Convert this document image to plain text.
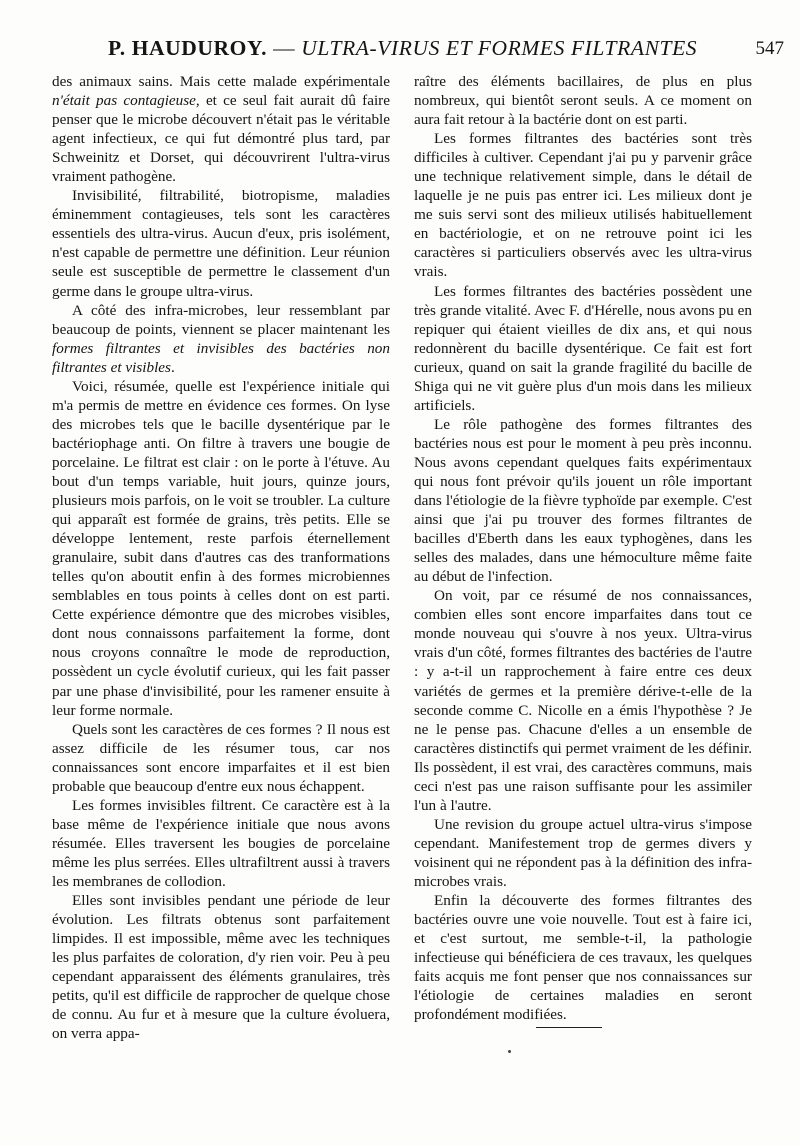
P. HAUDUROY. — ULTRA-VIRUS ET FORMES FILTRANTES	547

des animaux sains. Mais cette malade expérimentale n'était pas contagieuse, et ce seul fait aurait dû faire penser que le microbe découvert n'était pas le véritable agent infectieux, ce qui fut démontré plus tard, par Schweinitz et Dorset, qui découvrirent l'ultra-virus vraiment pathogène.

Invisibilité, filtrabilité, biotropisme, maladies éminemment contagieuses, tels sont les caractères essentiels des ultra-virus. Aucun d'eux, pris isolément, n'est capable de permettre une définition. Leur réunion seule est susceptible de permettre le classement d'un germe dans le groupe ultra-virus.

A côté des infra-microbes, leur ressemblant par beaucoup de points, viennent se placer maintenant les formes filtrantes et invisibles des bactéries non filtrantes et visibles.

Voici, résumée, quelle est l'expérience initiale qui m'a permis de mettre en évidence ces formes. On lyse des microbes tels que le bacille dysentérique par le bactériophage anti. On filtre à travers une bougie de porcelaine. Le filtrat est clair : on le porte à l'étuve. Au bout d'un temps variable, huit jours, quinze jours, plusieurs mois parfois, on le voit se troubler. La culture qui apparaît est formée de grains, très petits. Elle se développe lentement, reste parfois éternellement granulaire, subit dans d'autres cas des tranformations telles qu'on aboutit enfin à des formes microbiennes semblables en tous points à celles dont on est parti. Cette expérience démontre que des microbes visibles, dont nous connaissons parfaitement la forme, dont nous croyons connaître le mode de reproduction, possèdent un cycle évolutif curieux, qui les fait passer par une phase d'invisibilité, pour les ramener ensuite à leur forme normale.

Quels sont les caractères de ces formes ? Il nous est assez difficile de les résumer tous, car nos connaissances sont encore imparfaites et il est bien probable que beaucoup d'entre eux nous échappent.

Les formes invisibles filtrent. Ce caractère est à la base même de l'expérience initiale que nous avons résumée. Elles traversent les bougies de porcelaine même les plus serrées. Elles ultrafiltrent aussi à travers les membranes de collodion.

Elles sont invisibles pendant une période de leur évolution. Les filtrats obtenus sont parfaitement limpides. Il est impossible, même avec les techniques les plus parfaites de coloration, d'y rien voir. Peu à peu cependant apparaissent des éléments granulaires, très petits, qu'il est difficile de rapprocher de quelque chose de connu. Au fur et à mesure que la culture évoluera, on verra appa-

raître des éléments bacillaires, de plus en plus nombreux, qui bientôt seront seuls. A ce moment on aura fait retour à la bactérie dont on est parti.

Les formes filtrantes des bactéries sont très difficiles à cultiver. Cependant j'ai pu y parvenir grâce une technique relativement simple, dans le détail de laquelle je ne puis pas entrer ici. Les milieux dont je me suis servi sont des milieux utilisés habituellement en bactériologie, et on ne retrouve point ici les caractères si particuliers observés avec les ultra-virus vrais.

Les formes filtrantes des bactéries possèdent une très grande vitalité. Avec F. d'Hérelle, nous avons pu en repiquer qui étaient vieilles de dix ans, et qui nous redonnèrent du bacille dysentérique. Ce fait est fort curieux, quand on sait la grande fragilité du bacille de Shiga qui ne vit guère plus d'un mois dans les milieux artificiels.

Le rôle pathogène des formes filtrantes des bactéries nous est pour le moment à peu près inconnu. Nous avons cependant quelques faits expérimentaux qui nous font prévoir qu'ils jouent un rôle important dans l'étiologie de la fièvre typhoïde par exemple. C'est ainsi que j'ai pu trouver des formes filtrantes de bacilles d'Eberth dans les eaux typhogènes, dans les selles des malades, dans une hémoculture même faite au début de l'infection.

On voit, par ce résumé de nos connaissances, combien elles sont encore imparfaites dans tout ce monde nouveau qui s'ouvre à nos yeux. Ultra-virus vrais d'un côté, formes filtrantes des bactéries de l'autre : y a-t-il un rapprochement à faire entre ces deux variétés de germes et la première dérive-t-elle de la seconde comme C. Nicolle en a émis l'hypothèse ? Je ne le pense pas. Chacune d'elles a un ensemble de caractères distinctifs qui permet vraiment de les définir. Ils possèdent, il est vrai, des caractères communs, mais ceci n'est pas une raison suffisante pour les assimiler l'un à l'autre.

Une revision du groupe actuel ultra-virus s'impose cependant. Manifestement trop de germes divers y voisinent qui ne répondent pas à la définition des infra-microbes vrais.

Enfin la découverte des formes filtrantes des bactéries ouvre une voie nouvelle. Tout est à faire ici, et c'est surtout, me semble-t-il, la pathologie infectieuse qui bénéficiera de ces travaux, les quelques faits acquis me font penser que nos connaissances sur l'étiologie de certaines maladies en seront profondément modifiées.
